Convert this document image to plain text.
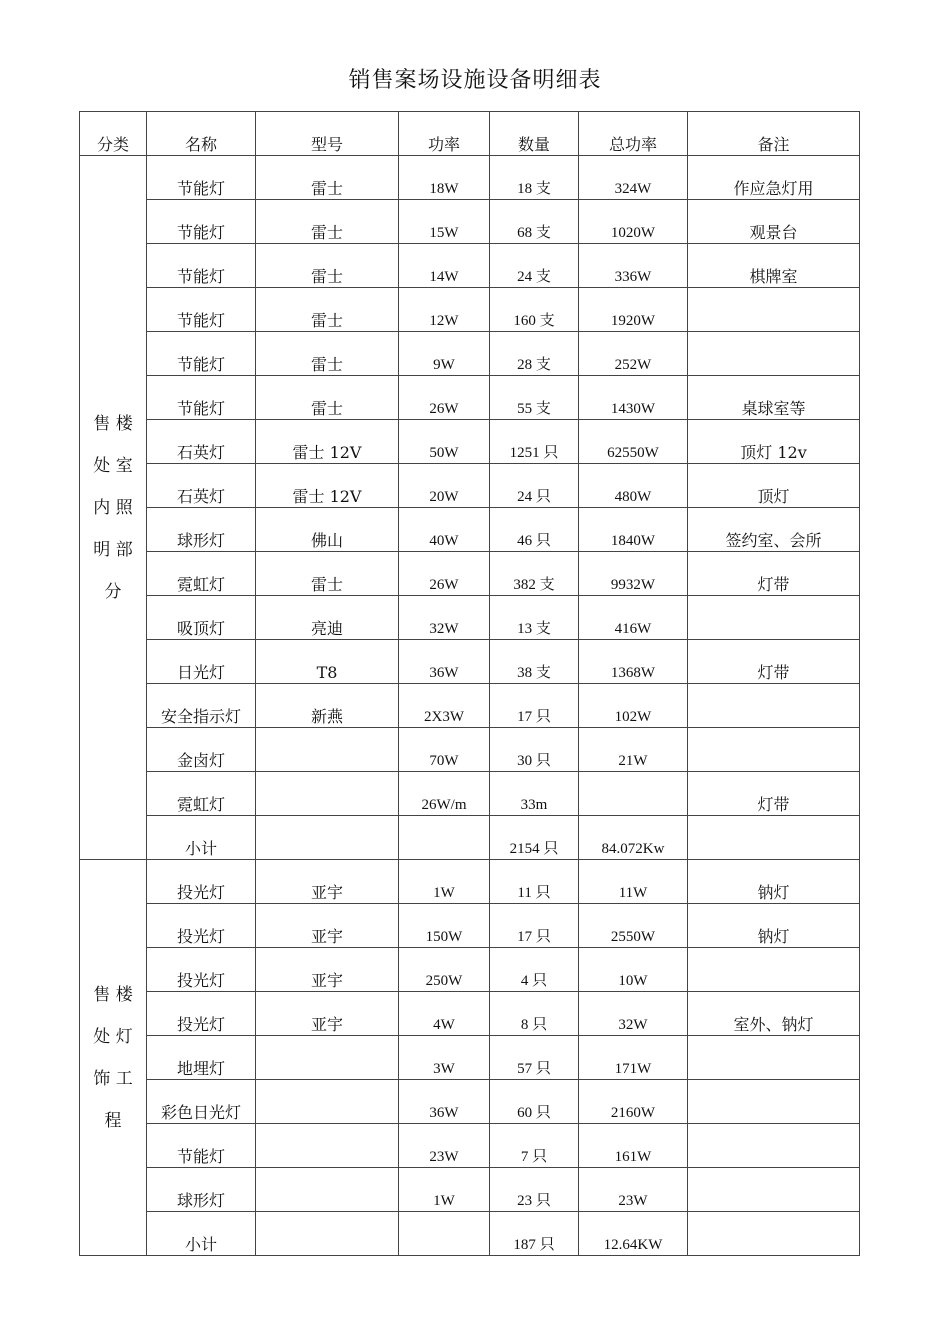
销售案场设施设备明细表
分类	名称	型号	功率	数量	总功率	备注
售 楼 处 室 内 照 明 部 分	节能灯	雷士	18W	18 支	324W	作应急灯用
	节能灯	雷士	15W	68 支	1020W	观景台
	节能灯	雷士	14W	24 支	336W	棋牌室
	节能灯	雷士	12W	160 支	1920W	
	节能灯	雷士	9W	28 支	252W	
	节能灯	雷士	26W	55 支	1430W	桌球室等
	石英灯	雷士 12V	50W	1251 只	62550W	顶灯 12v
	石英灯	雷士 12V	20W	24 只	480W	顶灯
	球形灯	佛山	40W	46 只	1840W	签约室、会所
	霓虹灯	雷士	26W	382 支	9932W	灯带
	吸顶灯	亮迪	32W	13 支	416W	
	日光灯	T8	36W	38 支	1368W	灯带
	安全指示灯	新燕	2X3W	17 只	102W	
	金卤灯		70W	30 只	21W	
	霓虹灯		26W/m	33m		灯带
	小计			2154 只	84.072Kw	
售 楼 处 灯 饰 工 程	投光灯	亚宇	1W	11 只	11W	钠灯
	投光灯	亚宇	150W	17 只	2550W	钠灯
	投光灯	亚宇	250W	4 只	10W	
	投光灯	亚宇	4W	8 只	32W	室外、钠灯
	地埋灯		3W	57 只	171W	
	彩色日光灯		36W	60 只	2160W	
	节能灯		23W	7 只	161W	
	球形灯		1W	23 只	23W	
	小计			187 只	12.64KW	
